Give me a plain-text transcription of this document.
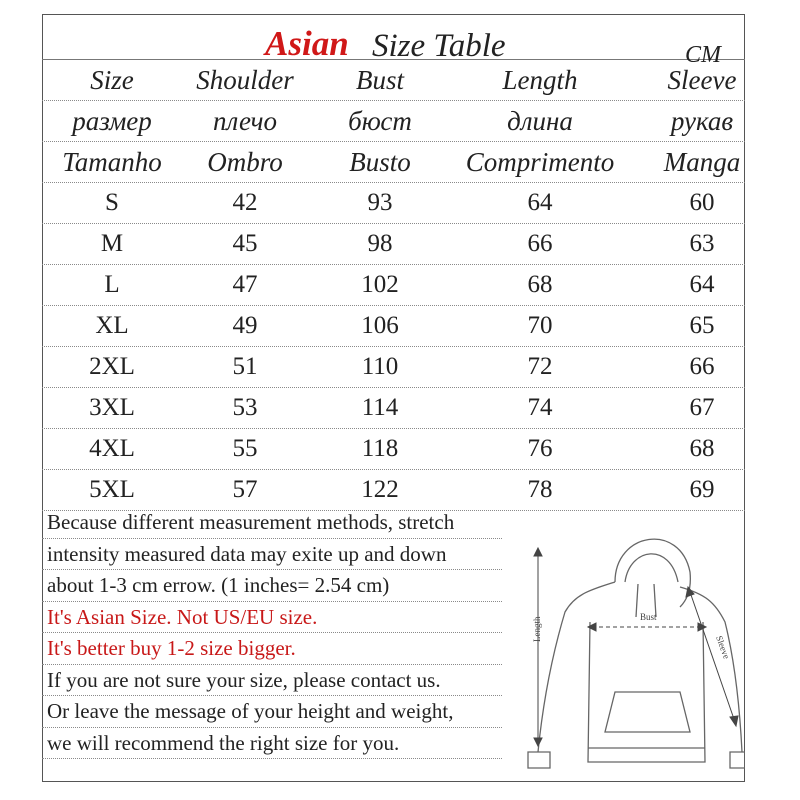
Asian Size Table	CM
Size	Shoulder	Bust	Length	Sleeve
размер	плечо	бюст	длина	рукав
Tamanho	Ombro	Busto	Comprimento	Manga
S	42	93	64	60
M	45	98	66	63
L	47	102	68	64
XL	49	106	70	65
2XL	51	110	72	66
3XL	53	114	74	67
4XL	55	118	76	68
5XL	57	122	78	69
Because different measurement methods, stretch
intensity measured data may exite up and down
about 1-3 cm errow. (1 inches= 2.54 cm)
It's Asian Size. Not US/EU size.
It's better buy 1-2 size bigger.
If you are not sure your size, please contact us.
Or leave the message of your height and weight,
we will recommend the right size for you.
Length	Bust
Sleeve
